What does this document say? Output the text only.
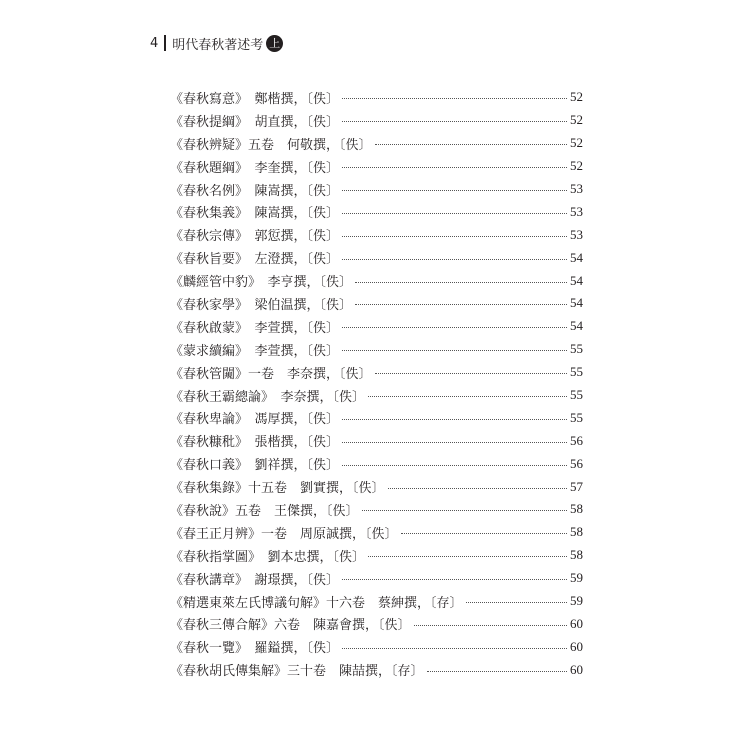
4 明代春秋著述考 上
《春秋寫意》　鄭楷撰，〔佚〕	52
《春秋提綱》　胡直撰，〔佚〕	52
《春秋辨疑》五卷　何敬撰，〔佚〕	52
《春秋題綱》　李奎撰，〔佚〕	52
《春秋名例》　陳嵩撰，〔佚〕	53
《春秋集義》　陳嵩撰，〔佚〕	53
《春秋宗傳》　郭愆撰，〔佚〕	53
《春秋旨要》　左澄撰，〔佚〕	54
《麟經管中豹》　李亨撰，〔佚〕	54
《春秋家學》　梁伯温撰，〔佚〕	54
《春秋啟蒙》　李萱撰，〔佚〕	54
《蒙求續編》　李萱撰，〔佚〕	55
《春秋管闚》一卷　李奈撰，〔佚〕	55
《春秋王霸總論》　李奈撰，〔佚〕	55
《春秋卑論》　馮厚撰，〔佚〕	55
《春秋糠秕》　張楷撰，〔佚〕	56
《春秋口義》　劉祥撰，〔佚〕	56
《春秋集錄》十五卷　劉實撰，〔佚〕	57
《春秋說》五卷　王傑撰，〔佚〕	58
《春王正月辨》一卷　周原誠撰，〔佚〕	58
《春秋指掌圖》　劉本忠撰，〔佚〕	58
《春秋講章》　謝璟撰，〔佚〕	59
《精選東萊左氏博議句解》十六卷　蔡紳撰，〔存〕	59
《春秋三傳合解》六卷　陳嘉會撰，〔佚〕	60
《春秋一覽》　羅鎰撰，〔佚〕	60
《春秋胡氏傳集解》三十卷　陳喆撰，〔存〕	60
